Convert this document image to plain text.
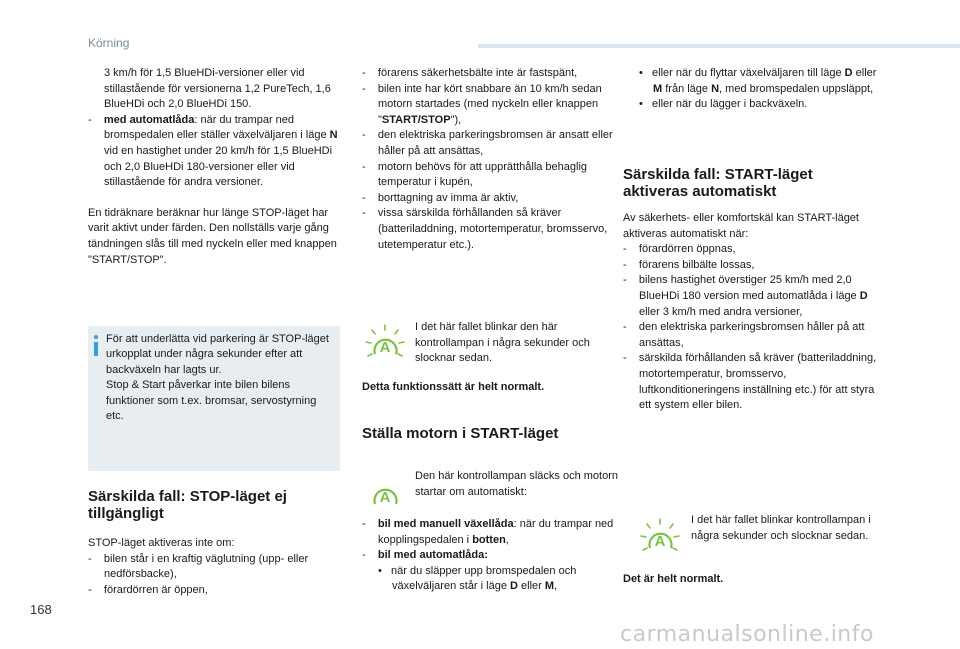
Körning

3 km/h för 1,5 BlueHDi-versioner eller vid stillastående för versionerna 1,2 PureTech, 1,6 BlueHDi och 2,0 BlueHDi 150.

-    med automatlåda: när du trampar ned bromspedalen eller ställer växelväljaren i läge N vid en hastighet under 20 km/h för 1,5 BlueHDi och 2,0 BlueHDi 180-versioner eller vid stillastående för andra versioner.

En tidräknare beräknar hur länge STOP-läget har varit aktivt under färden. Den nollställs varje gång tändningen slås till med nyckeln eller med knappen "START/STOP".

För att underlätta vid parkering är STOP-läget urkopplat under några sekunder efter att backväxeln har lagts ur.

Stop & Start påverkar inte bilen bilens funktioner som t.ex. bromsar, servostyrning etc.

Särskilda fall: STOP-läget ej tillgängligt

STOP-läget aktiveras inte om:

-    bilen står i en kraftig väglutning (upp- eller nedförsbacke),

-    förardörren är öppen,

-    förarens säkerhetsbälte inte är fastspänt,

-    bilen inte har kört snabbare än 10 km/h sedan motorn startades (med nyckeln eller knappen "START/STOP"),

-    den elektriska parkeringsbromsen är ansatt eller håller på att ansättas,

-    motorn behövs för att upprätthålla behaglig temperatur i kupén,

-    borttagning av imma är aktiv,

-    vissa särskilda förhållanden så kräver (batteriladdning, motortemperatur, bromsservo, utetemperatur etc.).

A

I det här fallet blinkar den här kontrollampan i några sekunder och slocknar sedan.

Detta funktionssätt är helt normalt.

Ställa motorn i START-läget
A

Den här kontrollampan släcks och motorn startar om automatiskt:

-    bil med manuell växellåda: när du trampar ned kopplingspedalen i botten,

-    bil med automatlåda:

•   när du släpper upp bromspedalen och växelväljaren står i läge D eller M,

•   eller när du flyttar växelväljaren till läge D eller M från läge N, med bromspedalen uppsläppt,

•   eller när du lägger i backväxeln.

Särskilda fall: START-läget aktiveras automatiskt

Av säkerhets- eller komfortskäl kan START-läget aktiveras automatiskt när:

-    förardörren öppnas,

-    förarens bilbälte lossas,

-    bilens hastighet överstiger 25 km/h med 2,0 BlueHDi 180 version med automatlåda i läge D eller 3 km/h med andra versioner,

-    den elektriska parkeringsbromsen håller på att ansättas,

-    särskilda förhållanden så kräver (batteriladdning, motortemperatur, bromsservo, luftkonditioneringens inställning etc.) för att styra ett system eller bilen.

A

I det här fallet blinkar kontrollampan i några sekunder och slocknar sedan.

Det är helt normalt.

168
carmanualsonline.info
